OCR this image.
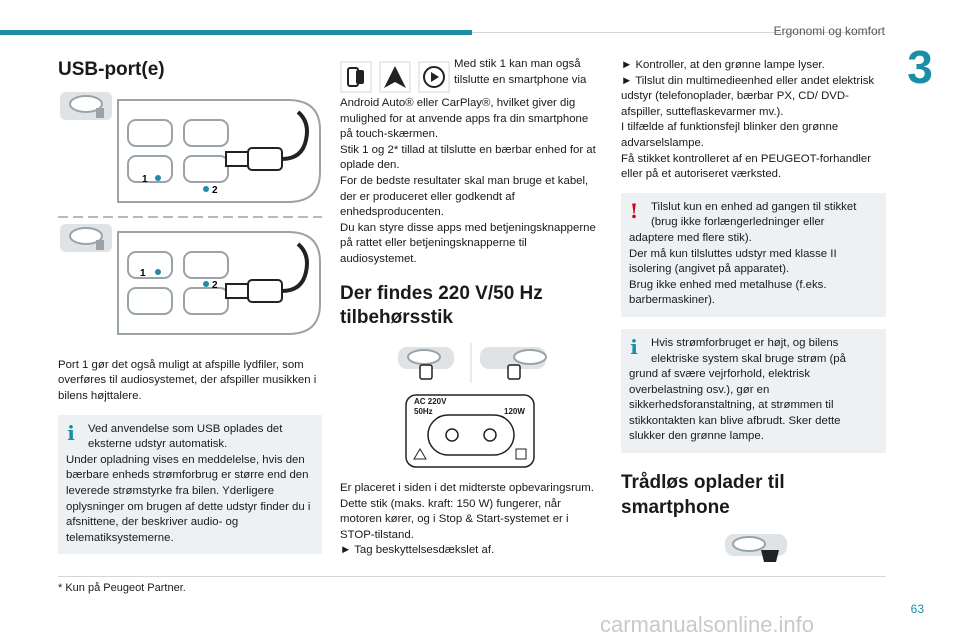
Ergonomi og komfort
3
USB-port(e)
1
2
1
2

Port 1 gør det også muligt at afspille lydfiler, som overføres til audiosystemet, der afspiller musikken i bilens højttalere.

i	Ved anvendelse som USB oplades det eksterne udstyr automatisk.
Under opladning vises en meddelelse, hvis den bærbare enheds strømforbrug er større end den leverede strømstyrke fra bilen. Yderligere oplysninger om brugen af dette udstyr finder du i afsnittene, der beskriver audio- og telematiksystemerne.

Med stik 1 kan man også

tilslutte en smartphone via

Android Auto® eller CarPlay®, hvilket giver dig mulighed for at anvende apps fra din smartphone på touch-skærmen.

Stik 1 og 2* tillad at tilslutte en bærbar enhed for at oplade den.

For de bedste resultater skal man bruge et kabel, der er produceret eller godkendt af enhedsproducenten.

Du kan styre disse apps med betjeningsknapperne på rattet eller betjeningsknapperne til audiosystemet.

Der findes 220 V/50 Hz tilbehørsstik
AC 220V
50Hz	120W

Er placeret i siden i det midterste opbevaringsrum.

Dette stik (maks. kraft: 150 W) fungerer, når motoren kører, og i Stop & Start-systemet er i STOP-tilstand.

► Tag beskyttelsesdækslet af.

► Kontroller, at den grønne lampe lyser.

► Tilslut din multimedieenhed eller andet elektrisk udstyr (telefonoplader, bærbar PX, CD/ DVD-afspiller, sutteflaskevarmer mv.).

I tilfælde af funktionsfejl blinker den grønne advarselslampe.

Få stikket kontrolleret af en PEUGEOT-forhandler eller på et autoriseret værksted.

!	Tilslut kun en enhed ad gangen til stikket (brug ikke forlængerledninger eller
adaptere med flere stik).
Der må kun tilsluttes udstyr med klasse II isolering (angivet på apparatet).
Brug ikke enhed med metalhuse (f.eks. barbermaskiner).
i	Hvis strømforbruget er højt, og bilens elektriske system skal bruge strøm (på
grund af svære vejrforhold, elektrisk overbelastning osv.), gør en sikkerhedsforanstaltning, at strømmen til stikkontakten kan blive afbrudt. Sker dette slukker den grønne lampe.
Trådløs oplader til smartphone
* Kun på Peugeot Partner.
63
carmanualsonline.info
